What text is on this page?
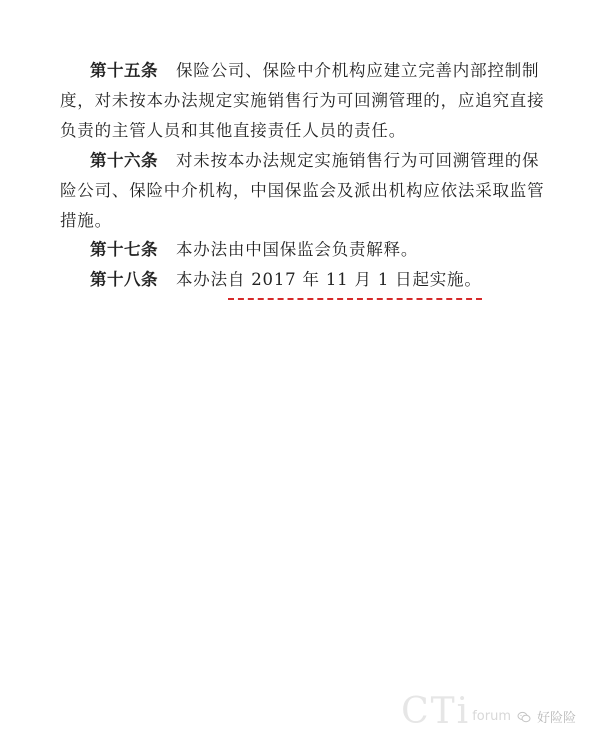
第十五条 保险公司、保险中介机构应建立完善内部控制制
度，对未按本办法规定实施销售行为可回溯管理的，应追究直接
负责的主管人员和其他直接责任人员的责任。

第十六条 对未按本办法规定实施销售行为可回溯管理的保
险公司、保险中介机构，中国保监会及派出机构应依法采取监管
措施。

第十七条 本办法由中国保监会负责解释。

第十八条 本办法自 2017 年 11 月 1 日起实施。

CTi forum 好险险
